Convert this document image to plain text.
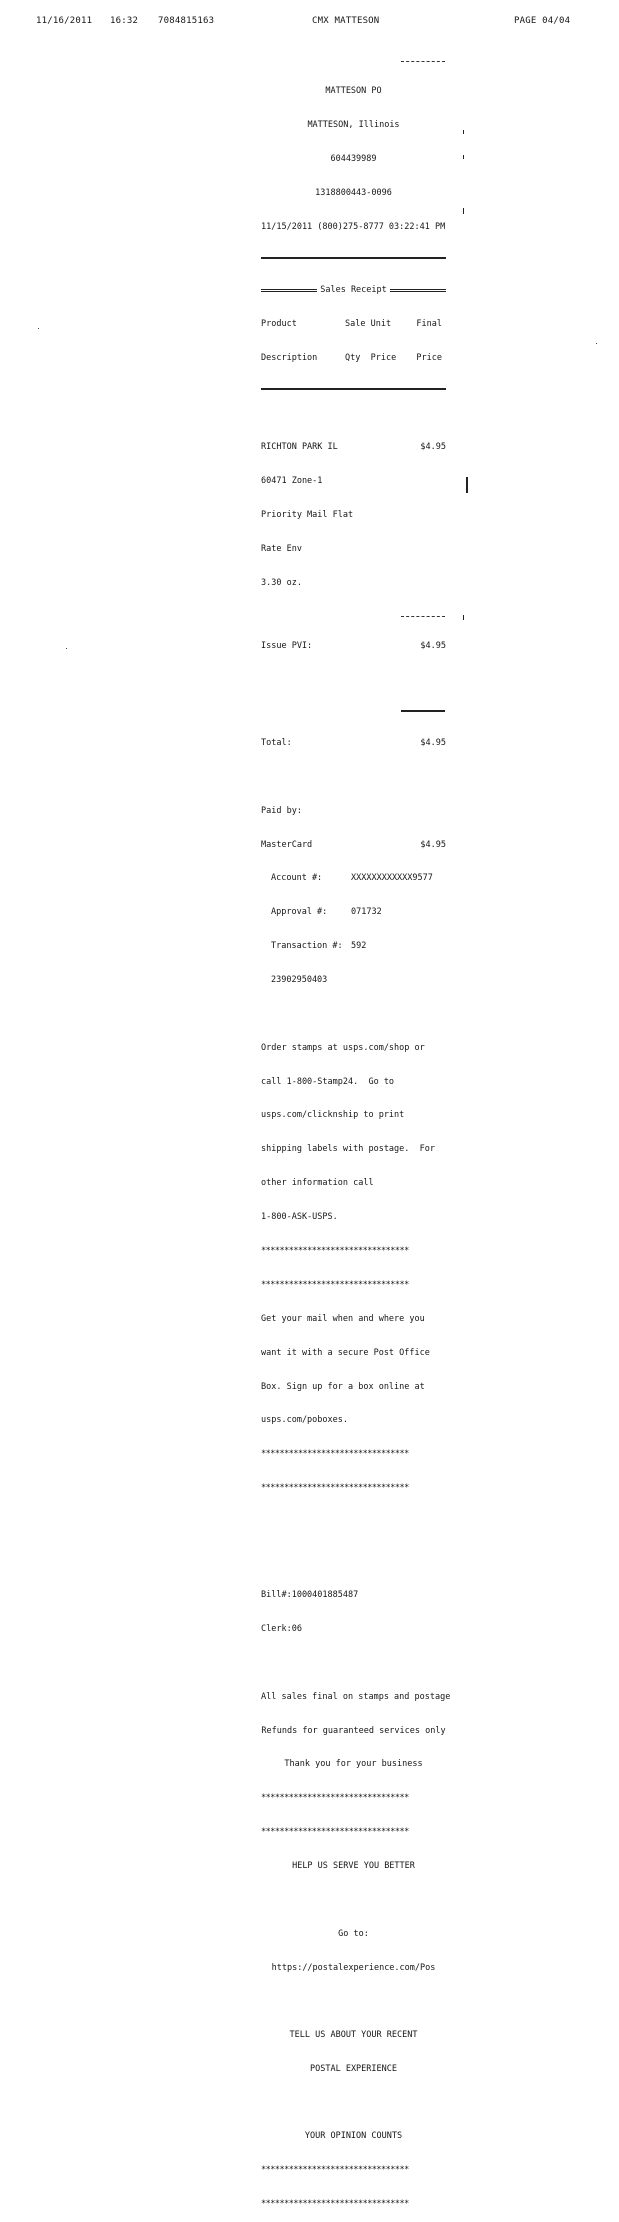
11/16/2011 16:32 7084815163	CMX MATTESON	PAGE 04/04

MATTESON PO

MATTESON, Illinois

604439989

1318800443-0096

11/15/2011 (800)275-8777 03:22:41 PM

Sales Receipt

Product	Sale Unit	Final

Description	Qty Price	Price

RICHTON PARK IL	$4.95

60471 Zone-1

Priority Mail Flat

Rate Env

3.30 oz.

Issue PVI:	$4.95

Total:	$4.95

Paid by:

MasterCard	$4.95

Account #:	XXXXXXXXXXXX9577

Approval #:	071732

Transaction #: 592

23902950403

Order stamps at usps.com/shop or

call 1-800-Stamp24.  Go to

usps.com/clicknship to print

shipping labels with postage.  For

other information call

1-800-ASK-USPS.

********************************

********************************

Get your mail when and where you

want it with a secure Post Office

Box. Sign up for a box online at

usps.com/poboxes.

********************************

********************************

Bill#:1000401885487

Clerk:06

All sales final on stamps and postage

Refunds for guaranteed services only

Thank you for your business

********************************

********************************

HELP US SERVE YOU BETTER

Go to:

https://postalexperience.com/Pos

TELL US ABOUT YOUR RECENT

POSTAL EXPERIENCE

YOUR OPINION COUNTS

********************************

********************************
